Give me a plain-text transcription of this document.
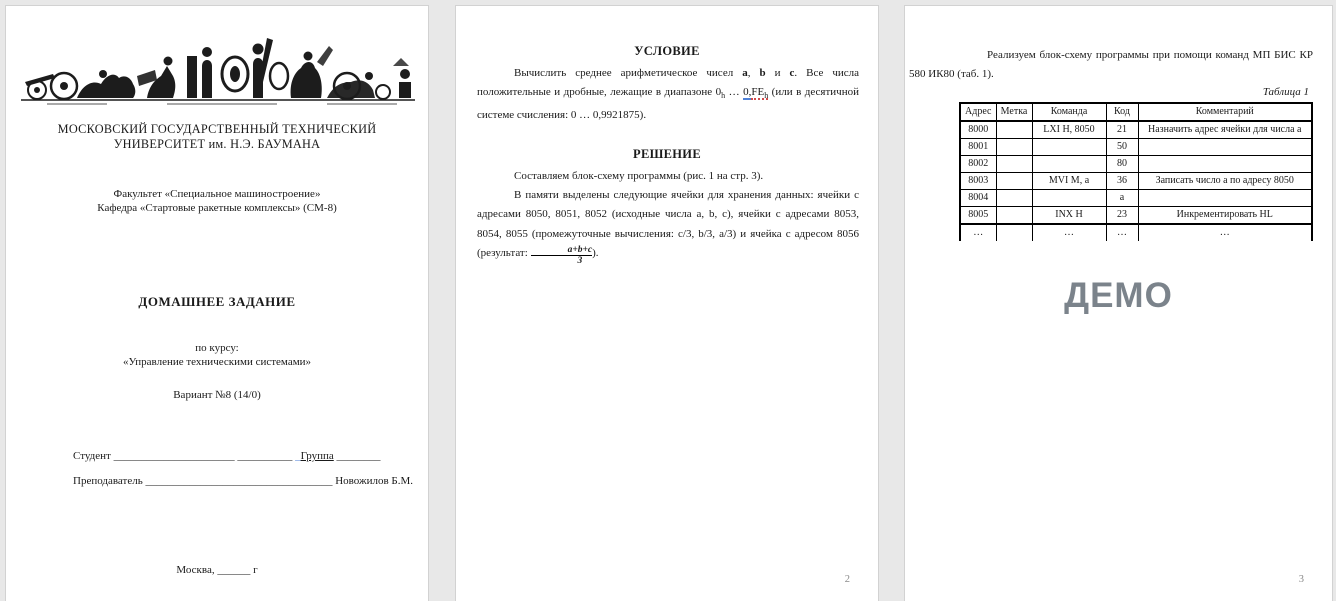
МОСКОВСКИЙ ГОСУДАРСТВЕННЫЙ ТЕХНИЧЕСКИЙ
УНИВЕРСИТЕТ им. Н.Э. БАУМАНА
Факультет «Специальное машиностроение»
Кафедра «Стартовые ракетные комплексы» (СМ-8)
ДОМАШНЕЕ ЗАДАНИЕ
по курсу:
«Управление техническими системами»
Вариант №8 (14/0)
Студент ______________________ __________ _Группа ________
Преподаватель __________________________________ Новожилов Б.М.
Москва, ______ г
УСЛОВИЕ
Вычислить среднее арифметическое чисел a, b и c. Все числа положительные и дробные, лежащие в диапазоне $0_h$ … $0,FE_h$ (или в десятичной системе счисления: 0 … 0,9921875).
РЕШЕНИЕ
Составляем блок-схему программы (рис. 1 на стр. 3).
В памяти выделены следующие ячейки для хранения данных: ячейки с адресами 8050, 8051, 8052 (исходные числа a, b, c), ячейки с адресами 8053, 8054, 8055 (промежуточные вычисления: c/3, b/3, a/3) и ячейка с адресом 8056 (результат: $\frac{a+b+c}{3}$ ).
2
Реализуем блок-схему программы при помощи команд МП БИС КР 580 ИК80 (таб. 1).
Таблица 1
Адрес	Метка	Команда	Код	Комментарий
8000		LXI H, 8050	21	Назначить адрес ячейки для числа a
8001			50	
8002			80	
8003		MVI M, a	36	Записать число a по адресу 8050
8004			a	
8005		INX H	23	Инкрементировать HL
…		…	…	…
ДЕМО
3
